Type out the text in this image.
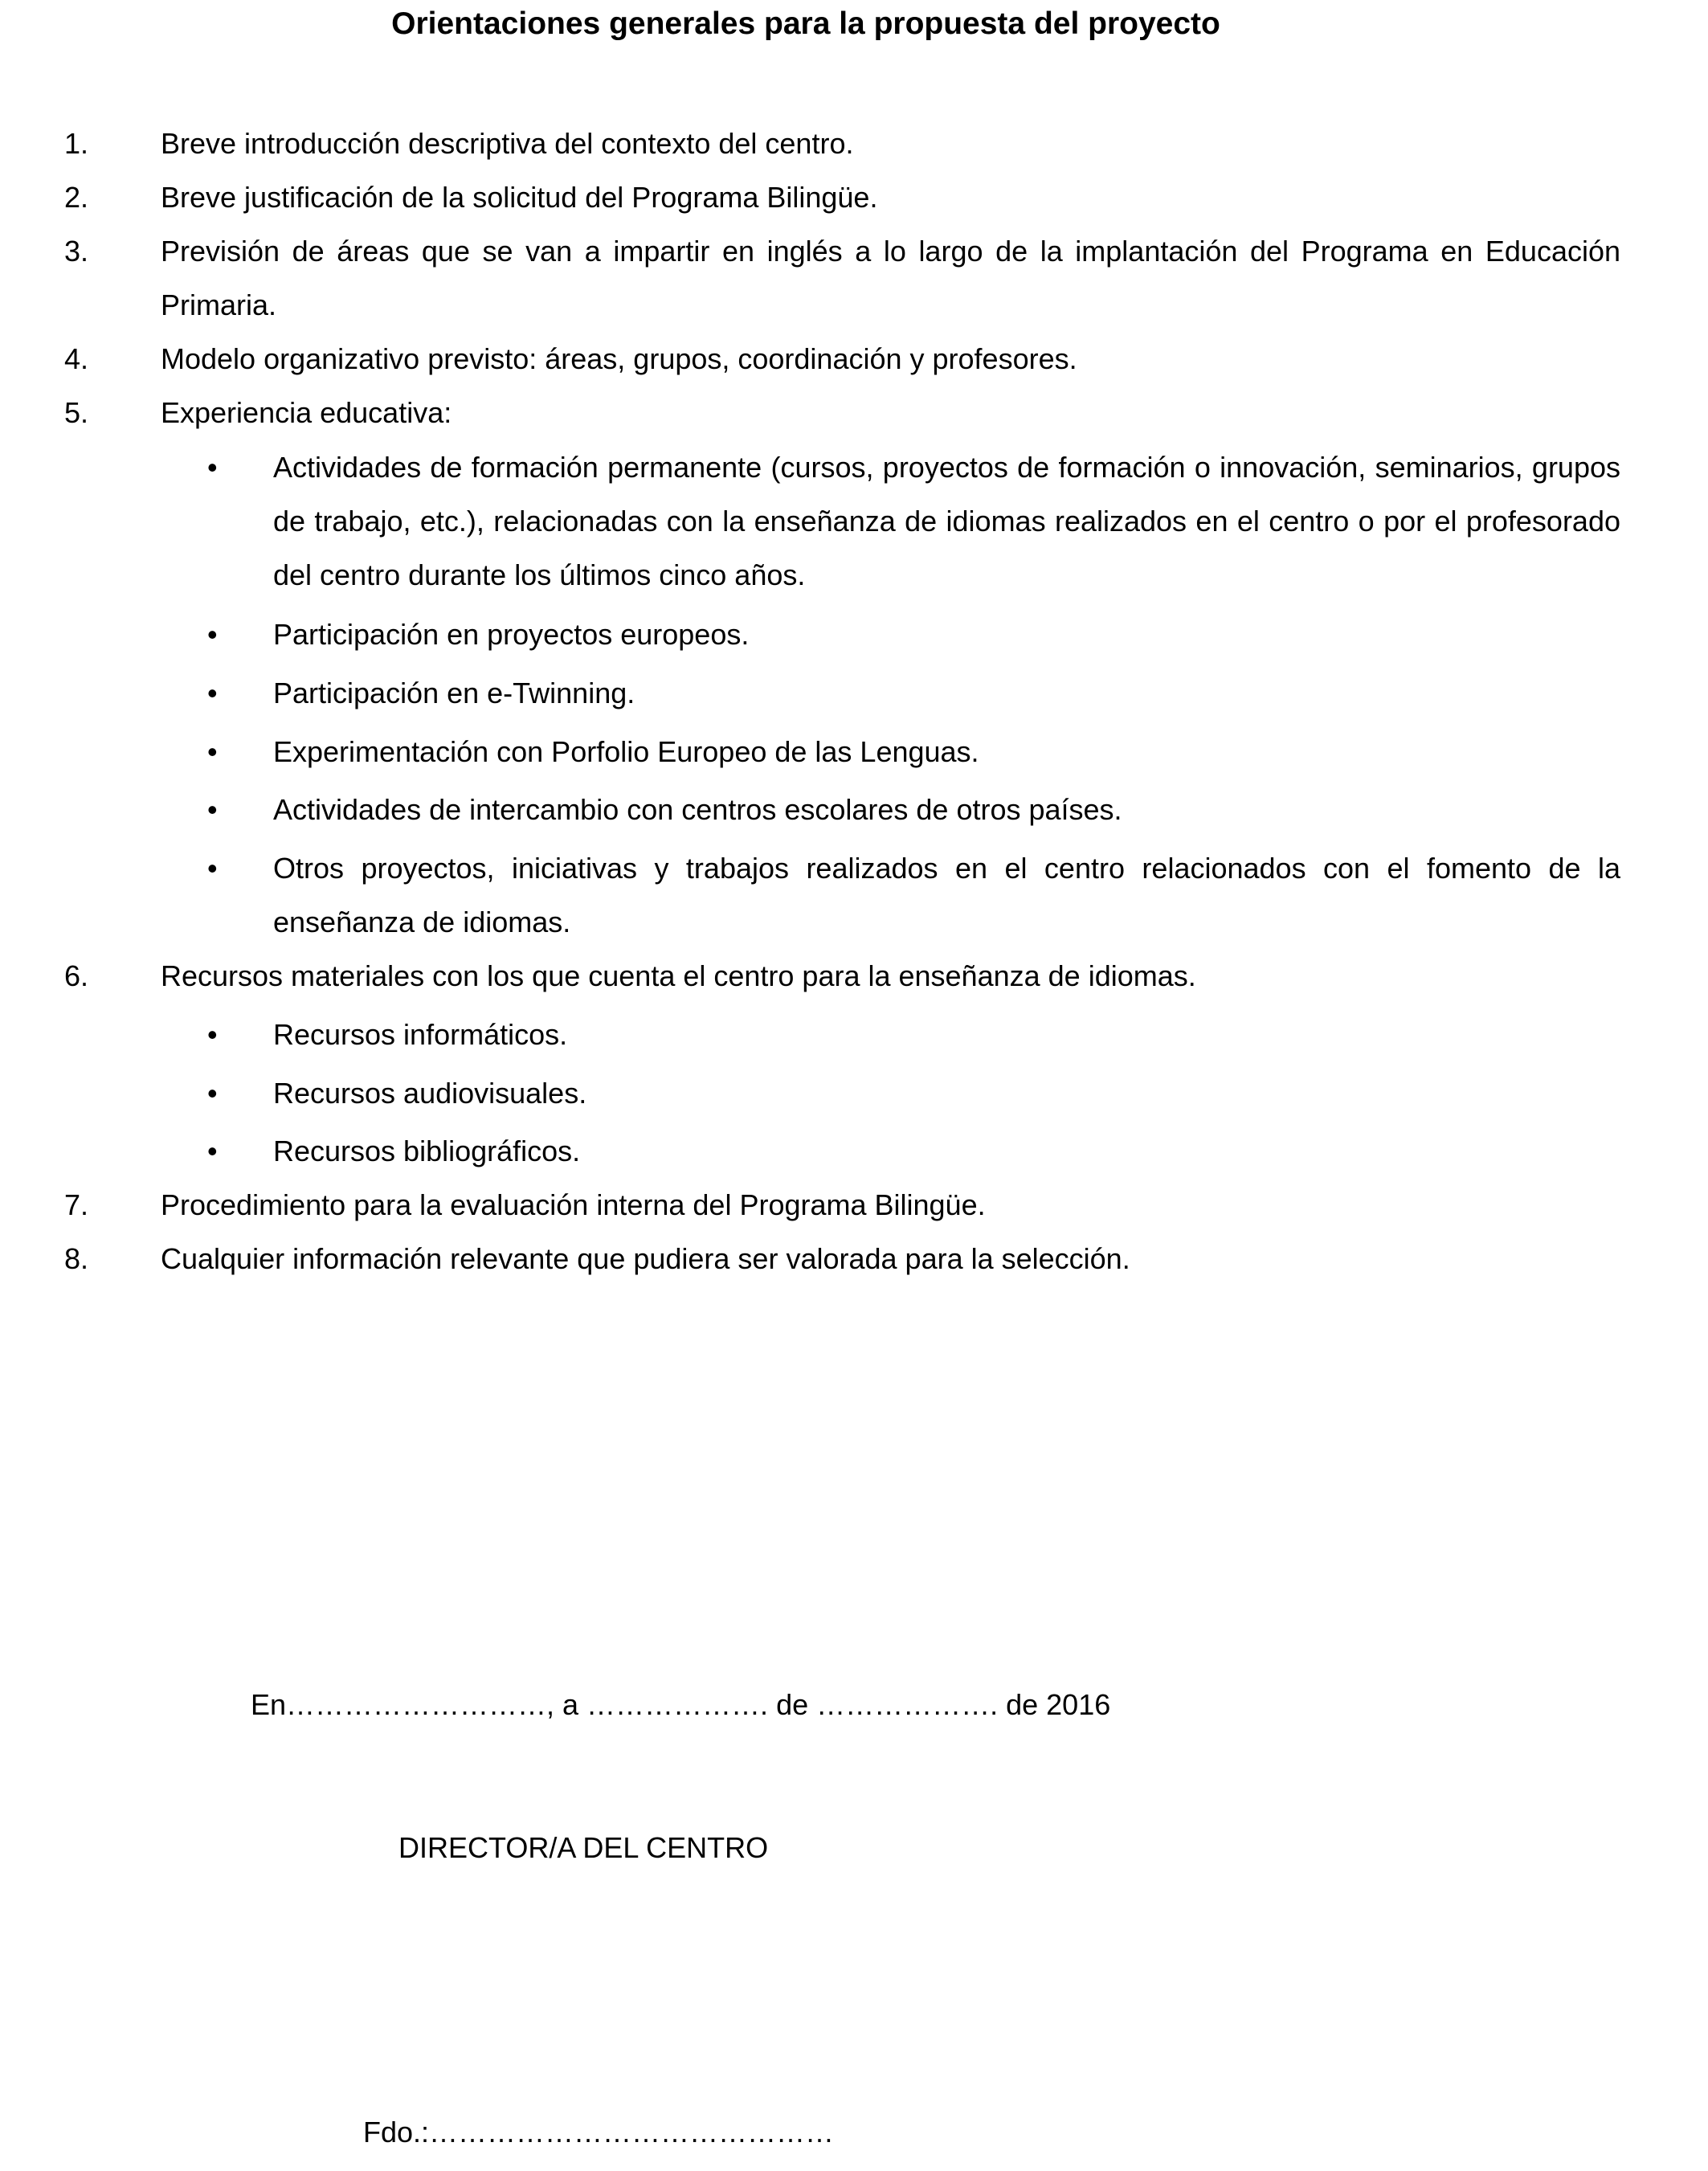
Orientaciones generales para la propuesta del proyecto
1.	Breve introducción descriptiva del contexto del centro.
2.	Breve justificación de la solicitud del Programa Bilingüe.
3.	Previsión de áreas que se van a impartir en inglés a lo largo de la implantación del Programa en Educación Primaria.
4.	Modelo organizativo previsto: áreas, grupos, coordinación y profesores.
5.	Experiencia educativa:
•	Actividades de formación permanente (cursos, proyectos de formación o innovación, seminarios, grupos de trabajo, etc.), relacionadas con la enseñanza de idiomas realizados en el centro o por el profesorado del centro durante los últimos cinco años.
•	Participación en proyectos europeos.
•	Participación en e-Twinning.
•	Experimentación con Porfolio Europeo de las Lenguas.
•	Actividades de intercambio con centros escolares de otros países.
•	Otros proyectos, iniciativas y trabajos realizados en el centro relacionados con el fomento de la enseñanza de idiomas.
6.	Recursos materiales con los que cuenta el centro para la enseñanza de idiomas.
•	Recursos informáticos.
•	Recursos audiovisuales.
•	Recursos bibliográficos.
7.	Procedimiento para la evaluación interna del Programa Bilingüe.
8.	Cualquier información relevante que pudiera ser valorada para la selección.
En………………………, a ………………. de ………………. de 2016
DIRECTOR/A DEL CENTRO
Fdo.:……………………………………
